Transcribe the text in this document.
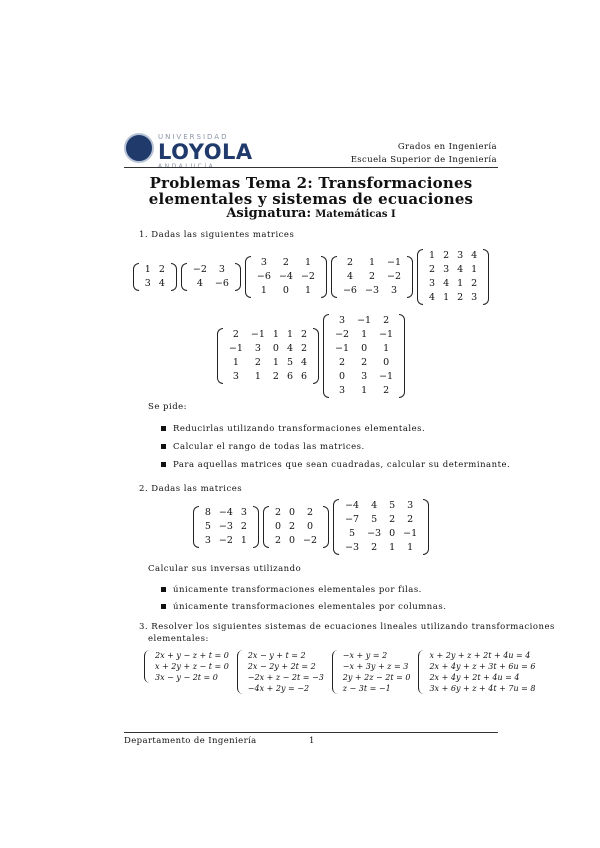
UNIVERSIDAD
LOYOLA
ANDALUCÍA
Grados en Ingeniería
Escuela Superior de Ingeniería
Problemas Tema 2: Transformaciones elementales y sistemas de ecuaciones
Asignatura: Matemáticas I
1. Dadas las siguientes matrices
1	2
3	4
−2	3
4	−6
3	2	1
−6	−4	−2
1	0	1
2	1	−1
4	2	−2
−6	−3	3
1	2	3	4
2	3	4	1
3	4	1	2
4	1	2	3
2	−1	1	1	2
−1	3	0	4	2
1	2	1	5	4
3	1	2	6	6
3	−1	2
−2	1	−1
−1	0	1
2	2	0
0	3	−1
3	1	2
Se pide:
Reducirlas utilizando transformaciones elementales.
Calcular el rango de todas las matrices.
Para aquellas matrices que sean cuadradas, calcular su determinante.
2. Dadas las matrices
8	−4	3
5	−3	2
3	−2	1
2	0	2
0	2	0
2	0	−2
−4	4	5	3
−7	5	2	2
5	−3	0	−1
−3	2	1	1
Calcular sus inversas utilizando
únicamente transformaciones elementales por filas.
únicamente transformaciones elementales por columnas.
3. Resolver los siguientes sistemas de ecuaciones lineales utilizando transformaciones
elementales:
2x + y − z + t = 0
x + 2y + z − t = 0
3x − y − 2t = 0
2x − y + t = 2
2x − 2y + 2t = 2
−2x + z − 2t = −3
−4x + 2y = −2
−x + y = 2
−x + 3y + z = 3
2y + 2z − 2t = 0
z − 3t = −1
x + 2y + z + 2t + 4u = 4
2x + 4y + z + 3t + 6u = 6
2x + 4y + 2t + 4u = 4
3x + 6y + z + 4t + 7u = 8
Departamento de Ingeniería	1
